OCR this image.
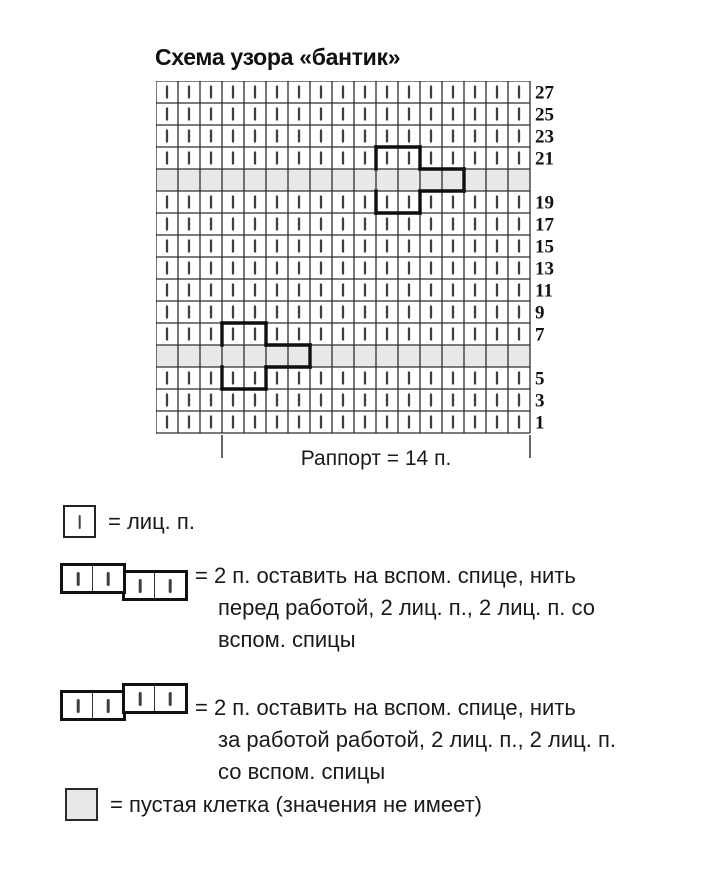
Схема узора «бантик»
27
25
23
21
19
17
15
13
11
9
7
5
3
1
Раппорт = 14 п.
= лиц. п.
= 2 п. оставить на вспом. спице, нить
перед работой, 2 лиц. п., 2 лиц. п. со
вспом. спицы
= 2 п. оставить на вспом. спице, нить
за работой работой, 2 лиц. п., 2 лиц. п.
со вспом. спицы
= пустая клетка (значения не имеет)
